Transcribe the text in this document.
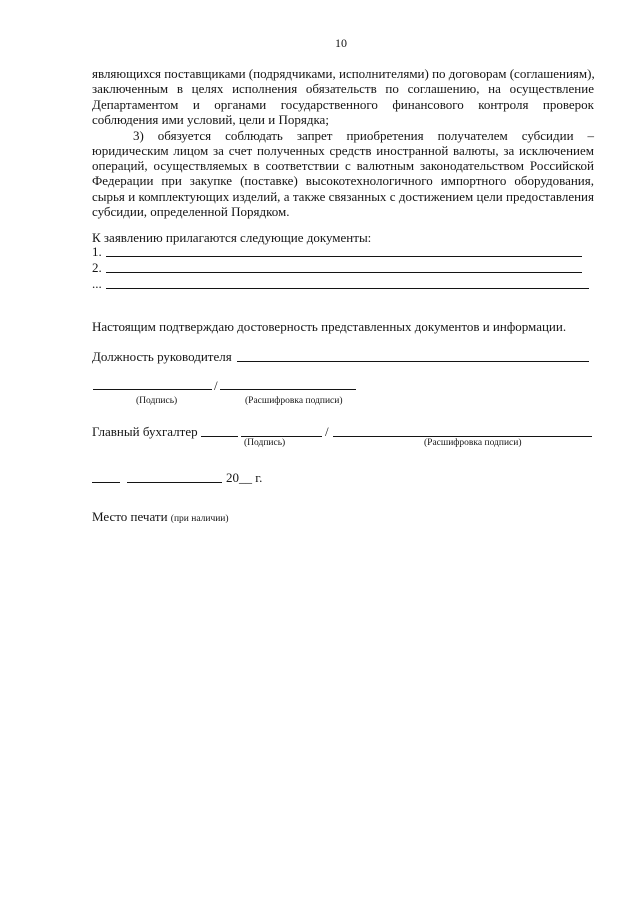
10
являющихся поставщиками (подрядчиками, исполнителями) по договорам (соглашениям),
заключенным в целях исполнения обязательств по соглашению, на осуществление
Департаментом и органами государственного финансового контроля проверок
соблюдения ими условий, цели и Порядка;
3) обязуется соблюдать запрет приобретения получателем субсидии –
юридическим лицом за счет полученных средств иностранной валюты, за исключением
операций, осуществляемых в соответствии с валютным законодательством Российской
Федерации при закупке (поставке) высокотехнологичного импортного оборудования,
сырья и комплектующих изделий, а также связанных с достижением цели предоставления
субсидии, определенной Порядком.
К заявлению прилагаются следующие документы:
1.
2.
...
Настоящим подтверждаю достоверность представленных документов и информации.
Должность руководителя
/
(Подпись)	(Расшифровка подписи)
Главный бухгалтер	/
(Подпись)	(Расшифровка подписи)
20__ г.
Место печати (при наличии)
